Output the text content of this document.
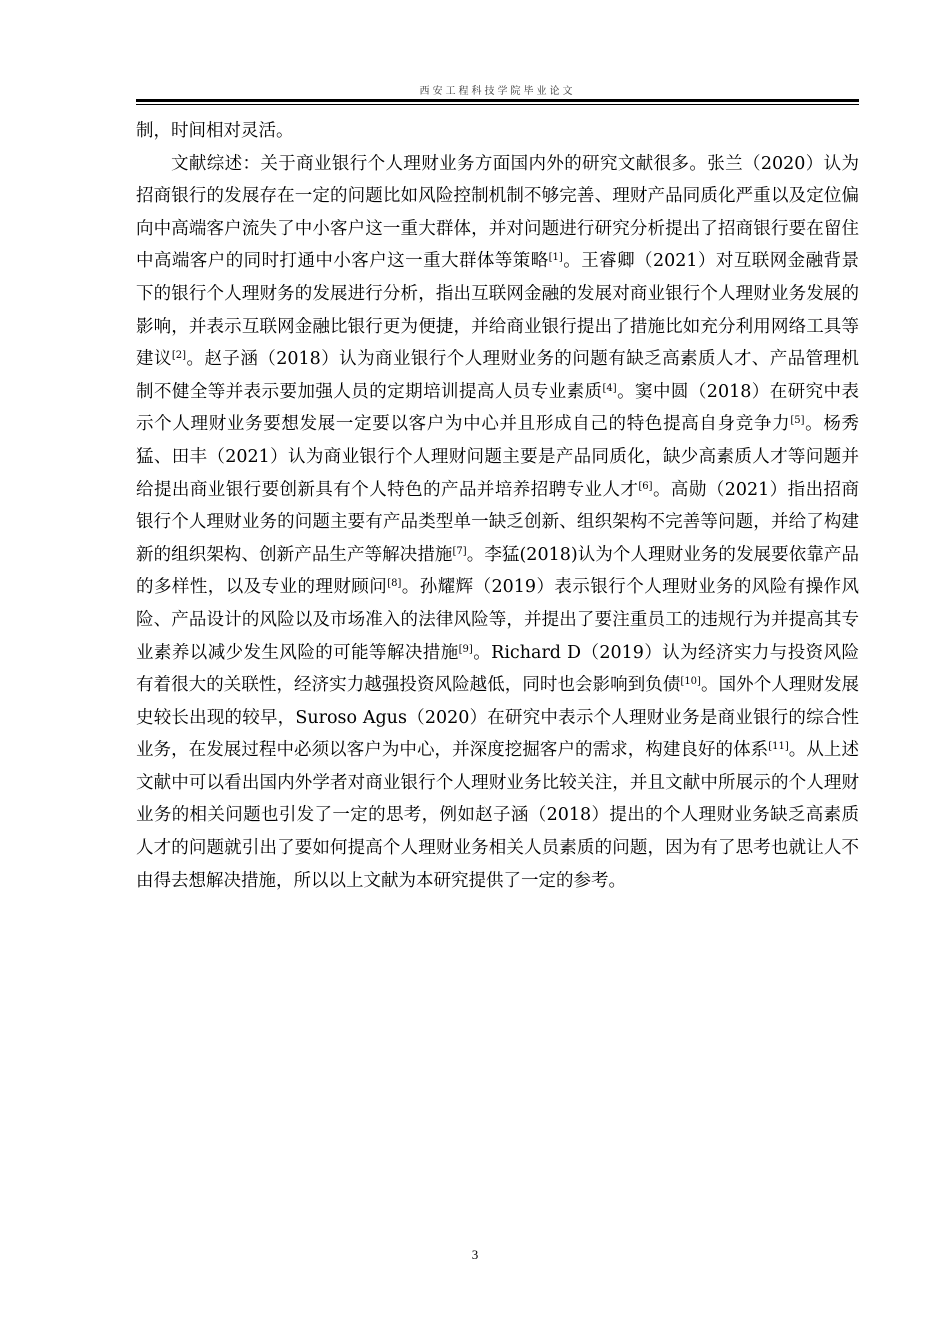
西安工程科技学院毕业论文

制，时间相对灵活。

文献综述：关于商业银行个人理财业务方面国内外的研究文献很多。张兰（2020）认为招商银行的发展存在一定的问题比如风险控制机制不够完善、理财产品同质化严重以及定位偏向中高端客户流失了中小客户这一重大群体，并对问题进行研究分析提出了招商银行要在留住中高端客户的同时打通中小客户这一重大群体等策略[1]。王睿卿（2021）对互联网金融背景下的银行个人理财务的发展进行分析，指出互联网金融的发展对商业银行个人理财业务发展的影响，并表示互联网金融比银行更为便捷，并给商业银行提出了措施比如充分利用网络工具等建议[2]。赵子涵（2018）认为商业银行个人理财业务的问题有缺乏高素质人才、产品管理机制不健全等并表示要加强人员的定期培训提高人员专业素质[4]。窦中圆（2018）在研究中表示个人理财业务要想发展一定要以客户为中心并且形成自己的特色提高自身竞争力[5]。杨秀猛、田丰（2021）认为商业银行个人理财问题主要是产品同质化，缺少高素质人才等问题并给提出商业银行要创新具有个人特色的产品并培养招聘专业人才[6]。高勋（2021）指出招商银行个人理财业务的问题主要有产品类型单一缺乏创新、组织架构不完善等问题，并给了构建新的组织架构、创新产品生产等解决措施[7]。李猛(2018)认为个人理财业务的发展要依靠产品的多样性，以及专业的理财顾问[8]。孙耀辉（2019）表示银行个人理财业务的风险有操作风险、产品设计的风险以及市场准入的法律风险等，并提出了要注重员工的违规行为并提高其专业素养以减少发生风险的可能等解决措施[9]。Richard D（2019）认为经济实力与投资风险有着很大的关联性，经济实力越强投资风险越低，同时也会影响到负债[10]。国外个人理财发展史较长出现的较早，Suroso Agus（2020）在研究中表示个人理财业务是商业银行的综合性业务，在发展过程中必须以客户为中心，并深度挖掘客户的需求，构建良好的体系[11]。从上述文献中可以看出国内外学者对商业银行个人理财业务比较关注，并且文献中所展示的个人理财业务的相关问题也引发了一定的思考，例如赵子涵（2018）提出的个人理财业务缺乏高素质人才的问题就引出了要如何提高个人理财业务相关人员素质的问题，因为有了思考也就让人不由得去想解决措施，所以以上文献为本研究提供了一定的参考。

3
